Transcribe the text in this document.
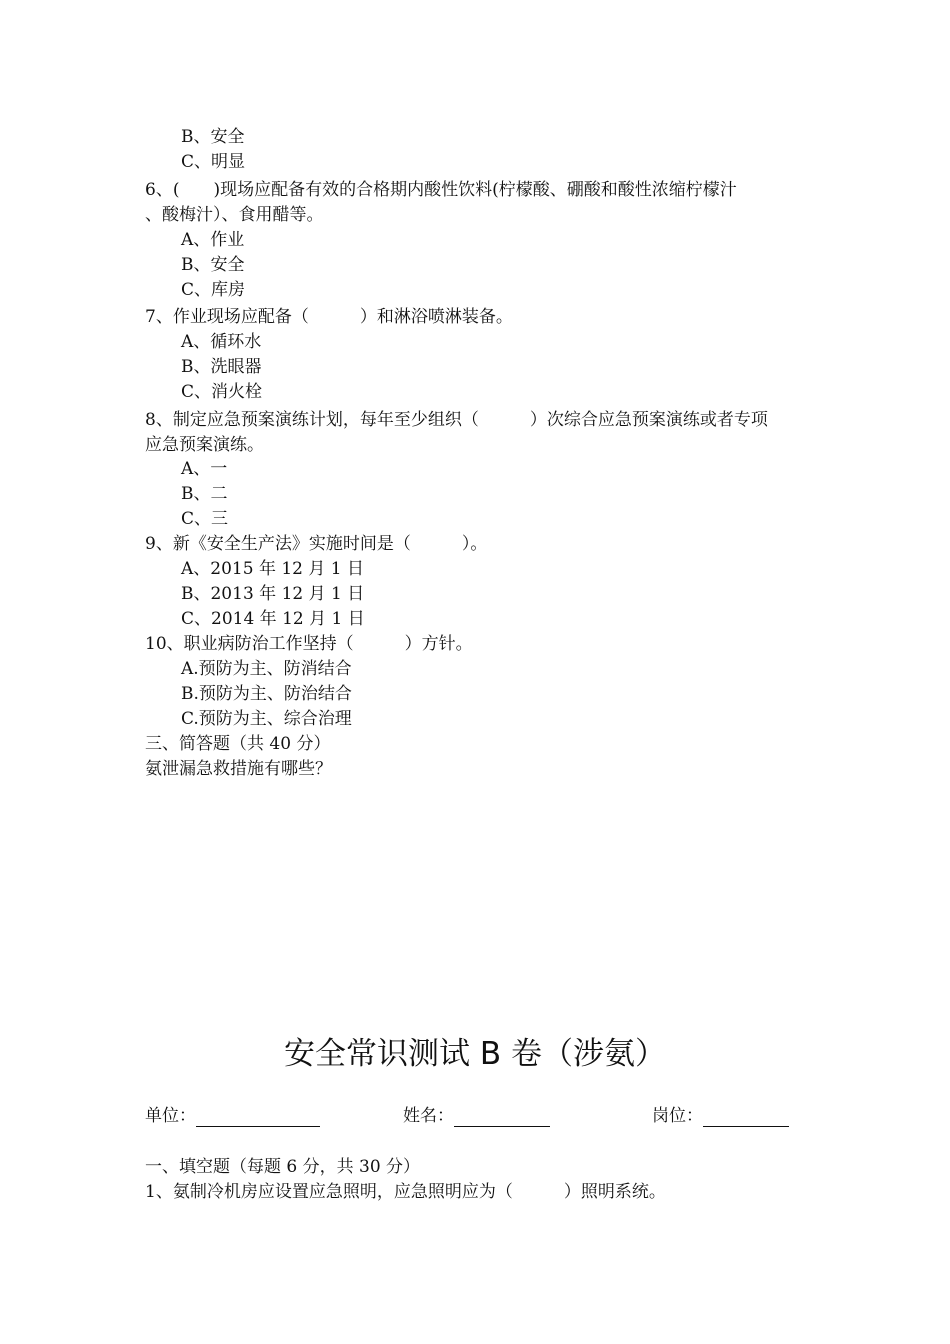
B、安全
C、明显
6、(　　)现场应配备有效的合格期内酸性饮料(柠檬酸、硼酸和酸性浓缩柠檬汁
、酸梅汁）、食用醋等。
A、作业
B、安全
C、库房
7、作业现场应配备（　　　）和淋浴喷淋装备。
A、循环水
B、洗眼器
C、消火栓
8、制定应急预案演练计划，每年至少组织（　　　）次综合应急预案演练或者专项
应急预案演练。
A、一
B、二
C、三
9、新《安全生产法》实施时间是（　　　）。
A、2015 年 12 月 1 日
B、2013 年 12 月 1 日
C、2014 年 12 月 1 日
10、职业病防治工作坚持（　　　）方针。
A.预防为主、防消结合
B.预防为主、防治结合
C.预防为主、综合治理
三、简答题（共 40 分）
氨泄漏急救措施有哪些？
安全常识测试 B 卷（涉氨）
单位：	姓名：	岗位：
一、填空题（每题 6 分，共 30 分）
1、氨制冷机房应设置应急照明，应急照明应为（　　　）照明系统。
